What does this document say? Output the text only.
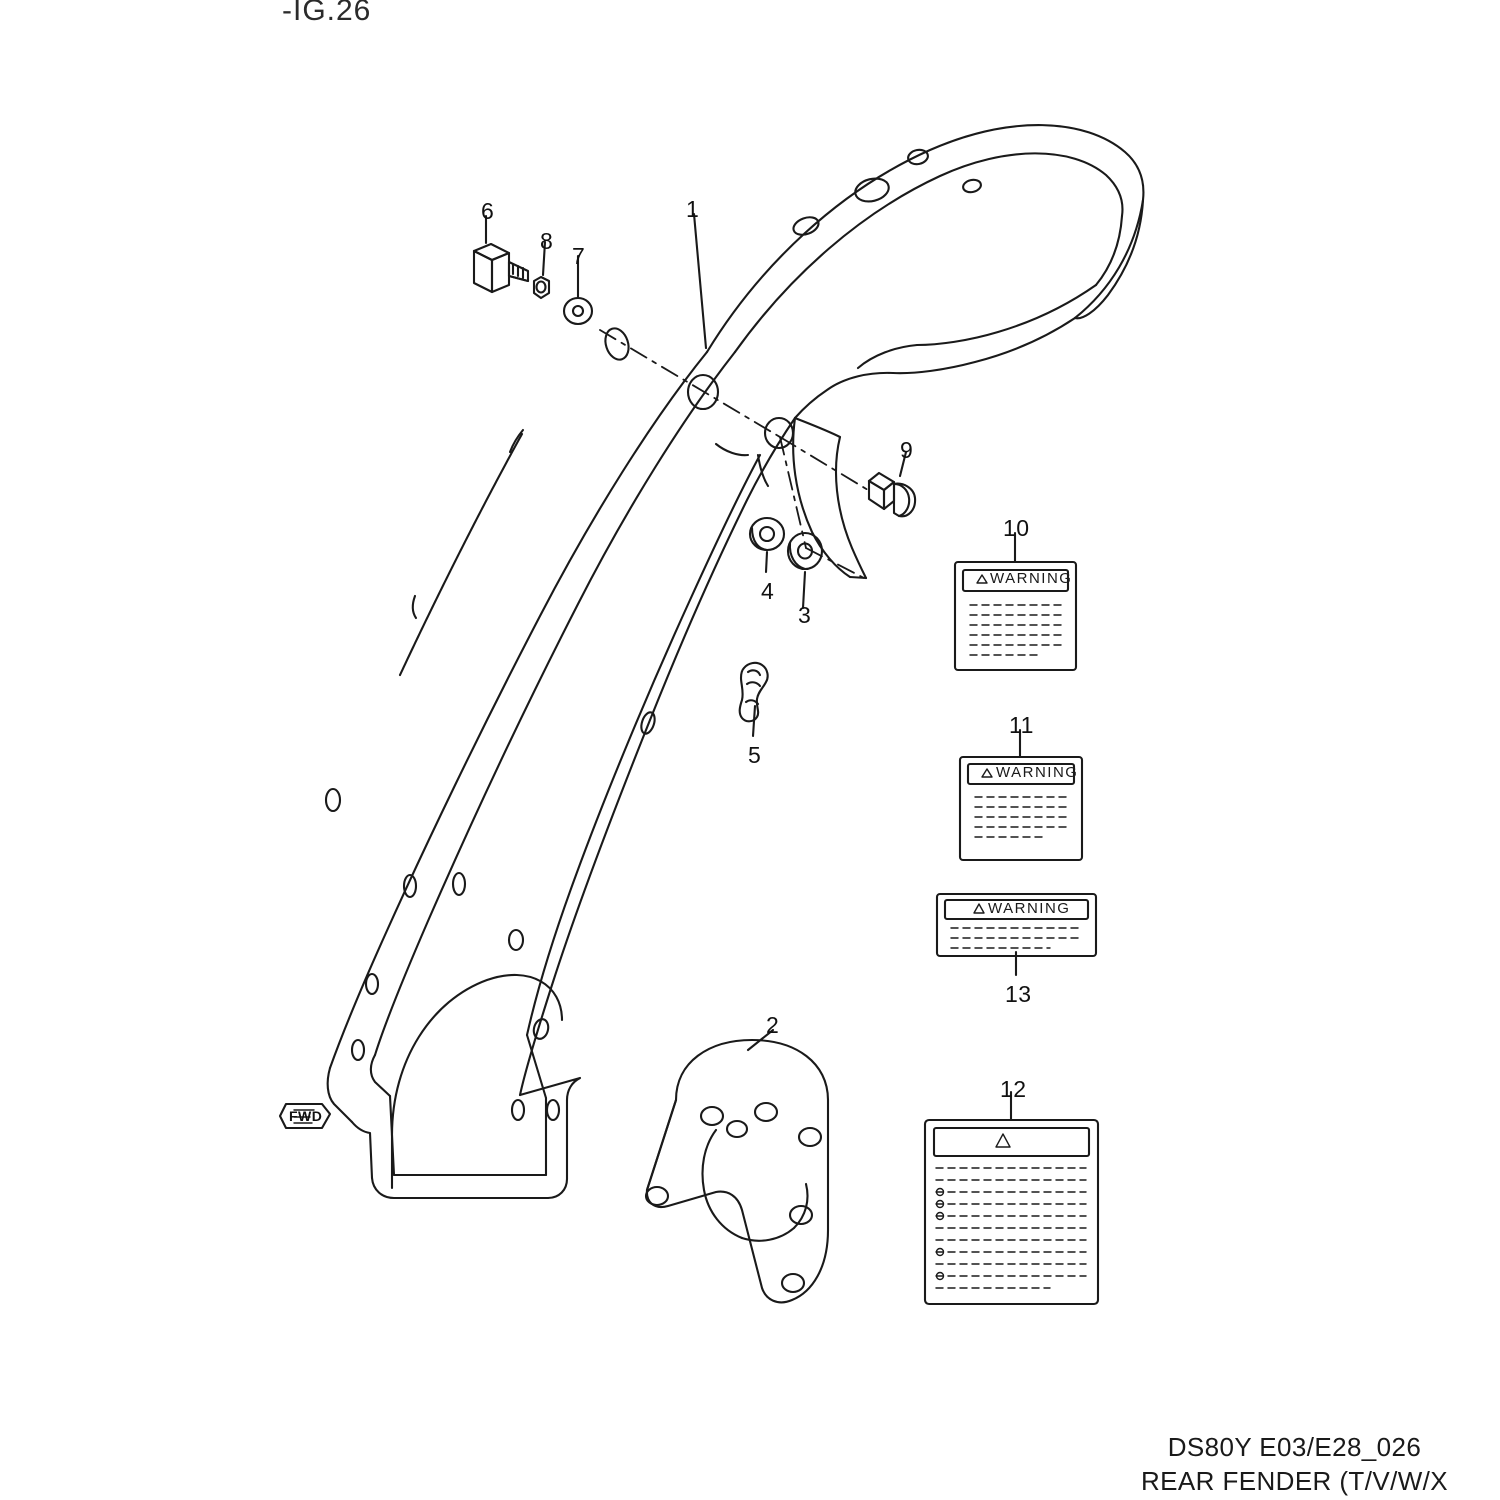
-IG.26
1
2
3
4
5
6
7
8
9
10
11
12
13
WARNING
WARNING
WARNING
FWD
DS80Y E03/E28_026
REAR FENDER (T/V/W/X
